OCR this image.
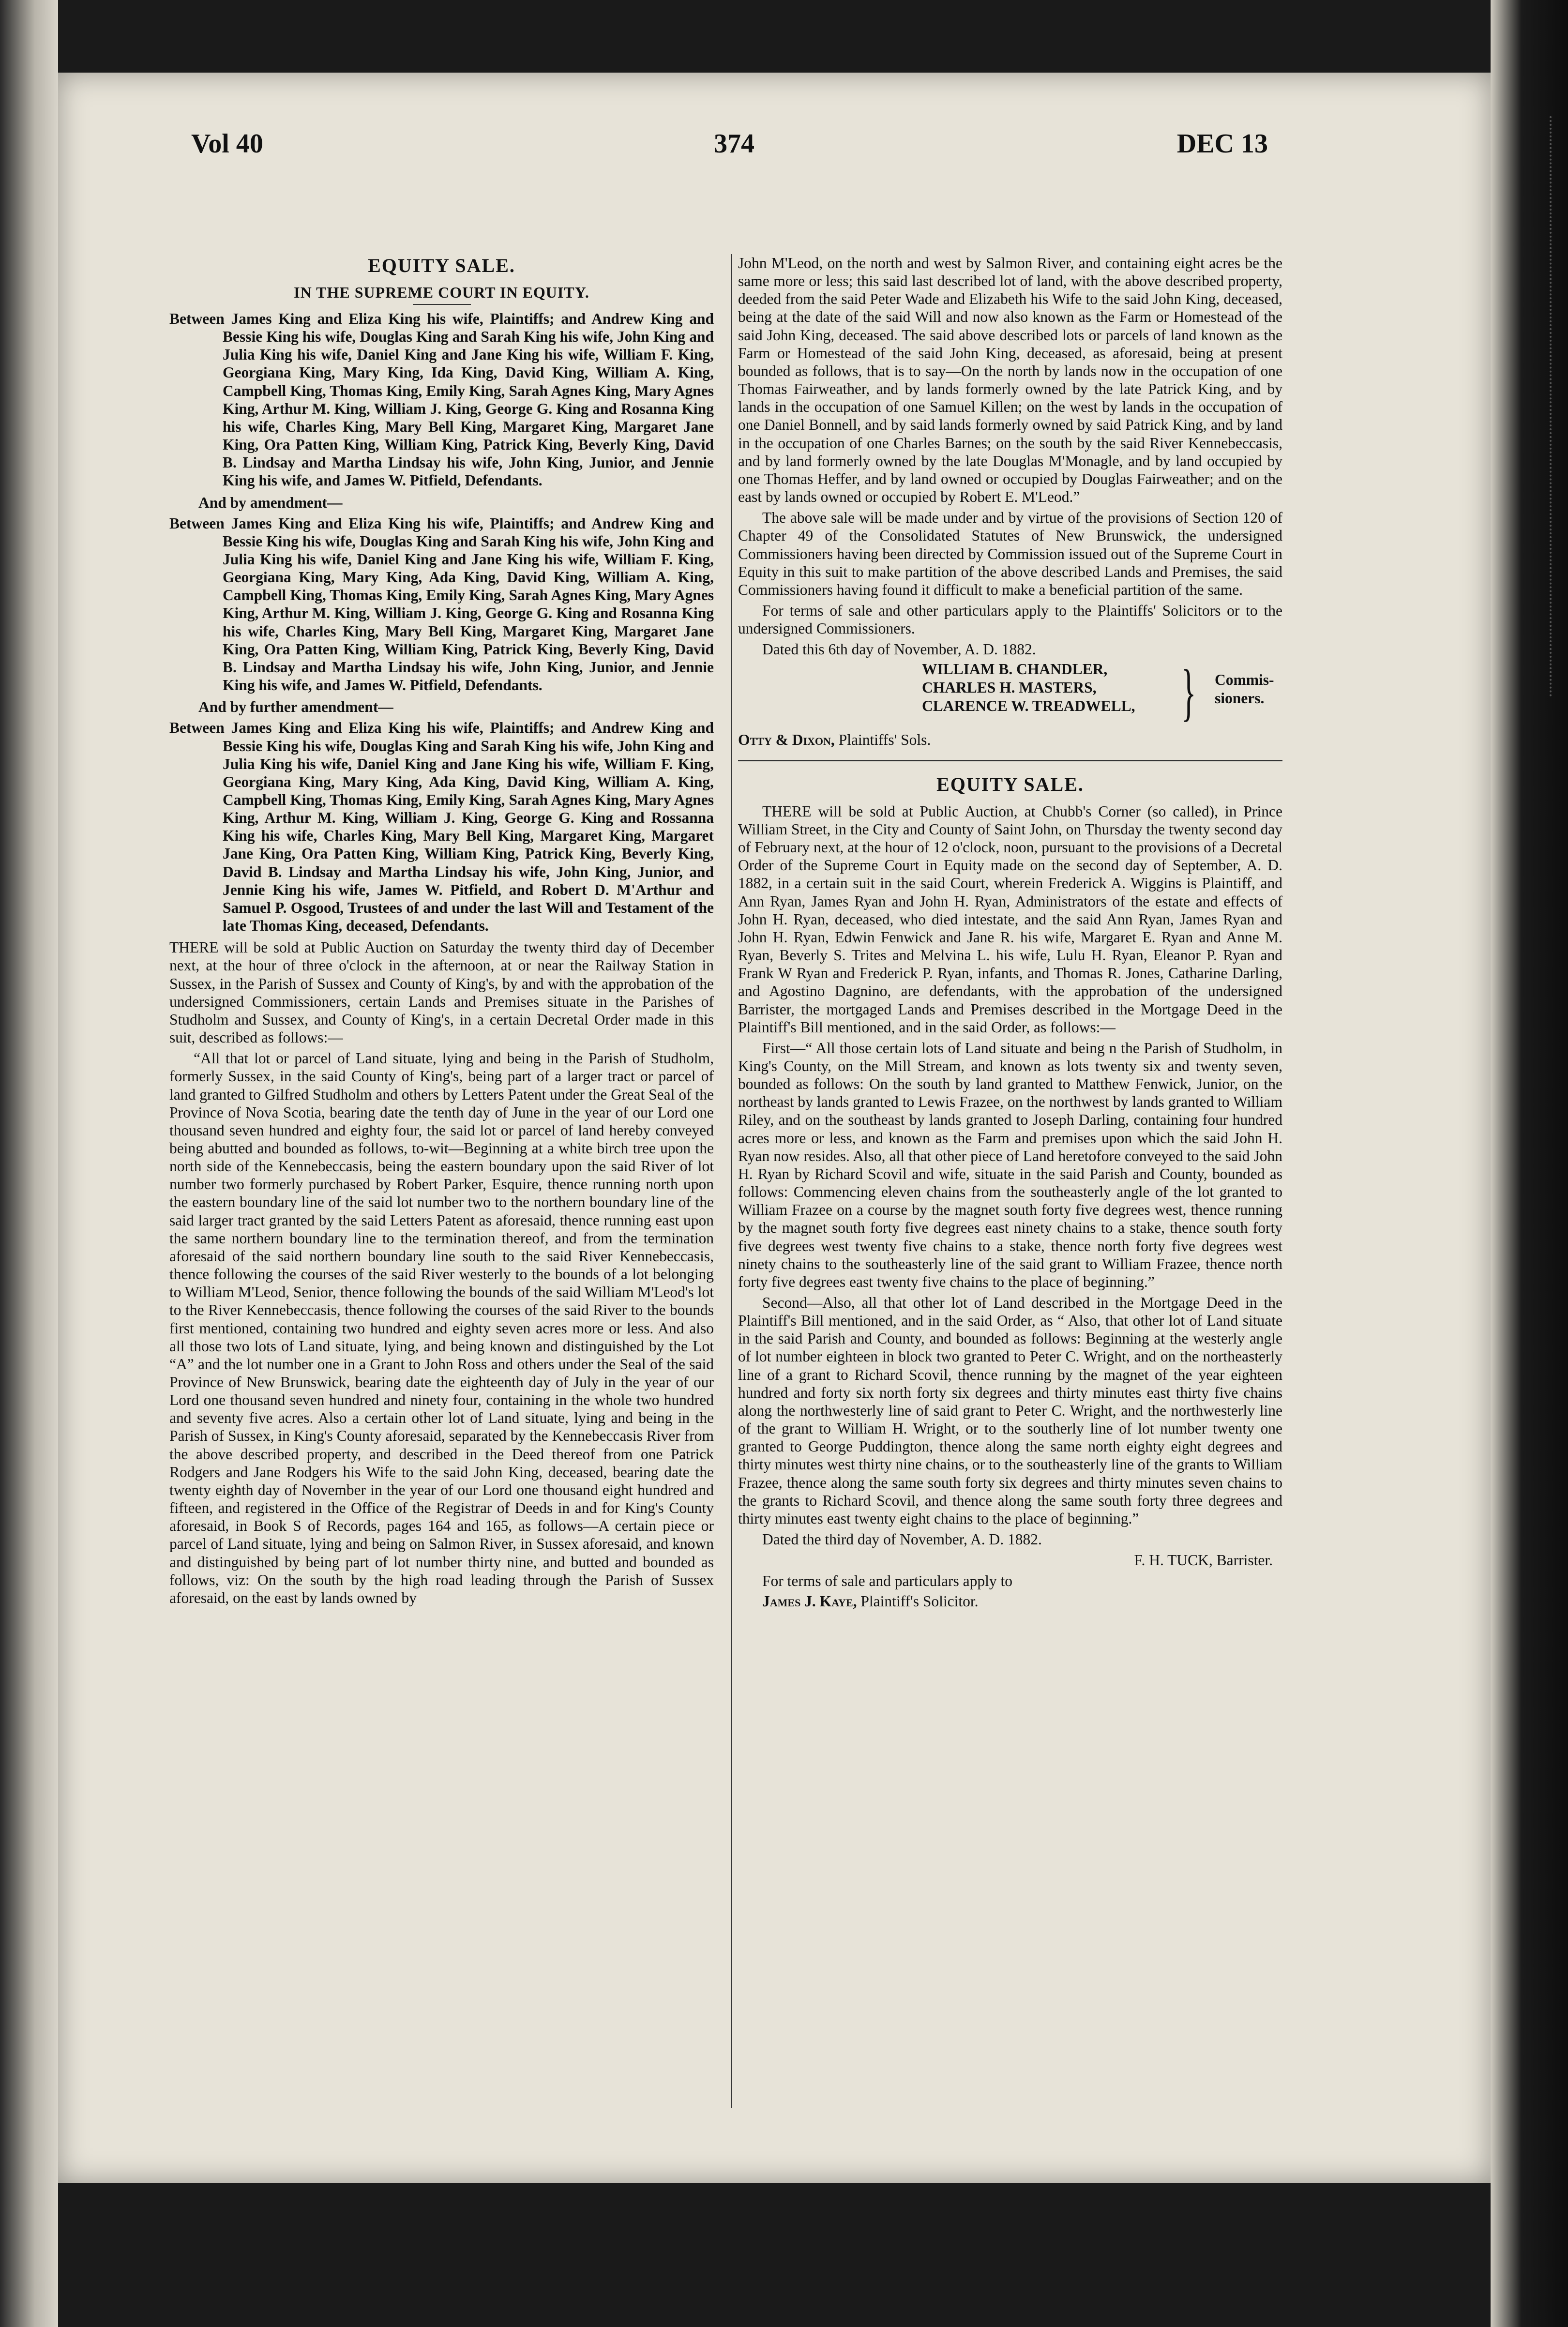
Vol 40	374	DEC 13
EQUITY SALE.
IN THE SUPREME COURT IN EQUITY.

Between James King and Eliza King his wife, Plaintiffs; and Andrew King and Bessie King his wife, Douglas King and Sarah King his wife, John King and Julia King his wife, Daniel King and Jane King his wife, William F. King, Georgiana King, Mary King, Ida King, David King, William A. King, Campbell King, Thomas King, Emily King, Sarah Agnes King, Mary Agnes King, Arthur M. King, William J. King, George G. King and Rosanna King his wife, Charles King, Mary Bell King, Margaret King, Margaret Jane King, Ora Patten King, William King, Patrick King, Beverly King, David B. Lindsay and Martha Lindsay his wife, John King, Junior, and Jennie King his wife, and James W. Pitfield, Defendants.

And by amendment—

Between James King and Eliza King his wife, Plaintiffs; and Andrew King and Bessie King his wife, Douglas King and Sarah King his wife, John King and Julia King his wife, Daniel King and Jane King his wife, William F. King, Georgiana King, Mary King, Ada King, David King, William A. King, Campbell King, Thomas King, Emily King, Sarah Agnes King, Mary Agnes King, Arthur M. King, William J. King, George G. King and Rosanna King his wife, Charles King, Mary Bell King, Margaret King, Margaret Jane King, Ora Patten King, William King, Patrick King, Beverly King, David B. Lindsay and Martha Lindsay his wife, John King, Junior, and Jennie King his wife, and James W. Pitfield, Defendants.

And by further amendment—

Between James King and Eliza King his wife, Plaintiffs; and Andrew King and Bessie King his wife, Douglas King and Sarah King his wife, John King and Julia King his wife, Daniel King and Jane King his wife, William F. King, Georgiana King, Mary King, Ada King, David King, William A. King, Campbell King, Thomas King, Emily King, Sarah Agnes King, Mary Agnes King, Arthur M. King, William J. King, George G. King and Rossanna King his wife, Charles King, Mary Bell King, Margaret King, Margaret Jane King, Ora Patten King, William King, Patrick King, Beverly King, David B. Lindsay and Martha Lindsay his wife, John King, Junior, and Jennie King his wife, James W. Pitfield, and Robert D. M'Arthur and Samuel P. Osgood, Trustees of and under the last Will and Testament of the late Thomas King, deceased, Defendants.

THERE will be sold at Public Auction on Saturday the twenty third day of December next, at the hour of three o'clock in the afternoon, at or near the Railway Station in Sussex, in the Parish of Sussex and County of King's, by and with the approbation of the undersigned Commissioners, certain Lands and Premises situate in the Parishes of Studholm and Sussex, and County of King's, in a certain Decretal Order made in this suit, described as follows:—

“All that lot or parcel of Land situate, lying and being in the Parish of Studholm, formerly Sussex, in the said County of King's, being part of a larger tract or parcel of land granted to Gilfred Studholm and others by Letters Patent under the Great Seal of the Province of Nova Scotia, bearing date the tenth day of June in the year of our Lord one thousand seven hundred and eighty four, the said lot or parcel of land hereby conveyed being abutted and bounded as follows, to-wit—Beginning at a white birch tree upon the north side of the Kennebeccasis, being the eastern boundary upon the said River of lot number two formerly purchased by Robert Parker, Esquire, thence running north upon the eastern boundary line of the said lot number two to the northern boundary line of the said larger tract granted by the said Letters Patent as aforesaid, thence running east upon the same northern boundary line to the termination thereof, and from the termination aforesaid of the said northern boundary line south to the said River Kennebeccasis, thence following the courses of the said River westerly to the bounds of a lot belonging to William M'Leod, Senior, thence following the bounds of the said William M'Leod's lot to the River Kennebeccasis, thence following the courses of the said River to the bounds first mentioned, containing two hundred and eighty seven acres more or less. And also all those two lots of Land situate, lying, and being known and distinguished by the Lot “A” and the lot number one in a Grant to John Ross and others under the Seal of the said Province of New Brunswick, bearing date the eighteenth day of July in the year of our Lord one thousand seven hundred and ninety four, containing in the whole two hundred and seventy five acres. Also a certain other lot of Land situate, lying and being in the Parish of Sussex, in King's County aforesaid, separated by the Kennebeccasis River from the above described property, and described in the Deed thereof from one Patrick Rodgers and Jane Rodgers his Wife to the said John King, deceased, bearing date the twenty eighth day of November in the year of our Lord one thousand eight hundred and fifteen, and registered in the Office of the Registrar of Deeds in and for King's County aforesaid, in Book S of Records, pages 164 and 165, as follows—A certain piece or parcel of Land situate, lying and being on Salmon River, in Sussex aforesaid, and known and distinguished by being part of lot number thirty nine, and butted and bounded as follows, viz: On the south by the high road leading through the Parish of Sussex aforesaid, on the east by lands owned by

John M'Leod, on the north and west by Salmon River, and containing eight acres be the same more or less; this said last described lot of land, with the above described property, deeded from the said Peter Wade and Elizabeth his Wife to the said John King, deceased, being at the date of the said Will and now also known as the Farm or Homestead of the said John King, deceased. The said above described lots or parcels of land known as the Farm or Homestead of the said John King, deceased, as aforesaid, being at present bounded as follows, that is to say—On the north by lands now in the occupation of one Thomas Fairweather, and by lands formerly owned by the late Patrick King, and by lands in the occupation of one Samuel Killen; on the west by lands in the occupation of one Daniel Bonnell, and by said lands formerly owned by said Patrick King, and by land in the occupation of one Charles Barnes; on the south by the said River Kennebeccasis, and by land formerly owned by the late Douglas M'Monagle, and by land occupied by one Thomas Heffer, and by land owned or occupied by Douglas Fairweather; and on the east by lands owned or occupied by Robert E. M'Leod.”

The above sale will be made under and by virtue of the provisions of Section 120 of Chapter 49 of the Consolidated Statutes of New Brunswick, the undersigned Commissioners having been directed by Commission issued out of the Supreme Court in Equity in this suit to make partition of the above described Lands and Premises, the said Commissioners having found it difficult to make a beneficial partition of the same.

For terms of sale and other particulars apply to the Plaintiffs' Solicitors or to the undersigned Commissioners.

Dated this 6th day of November, A. D. 1882.

WILLIAM B. CHANDLER,
CHARLES H. MASTERS,
CLARENCE W. TREADWELL, } Commis-
sioners.

Otty & Dixon, Plaintiffs' Sols.

EQUITY SALE.

THERE will be sold at Public Auction, at Chubb's Corner (so called), in Prince William Street, in the City and County of Saint John, on Thursday the twenty second day of February next, at the hour of 12 o'clock, noon, pursuant to the provisions of a Decretal Order of the Supreme Court in Equity made on the second day of September, A. D. 1882, in a certain suit in the said Court, wherein Frederick A. Wiggins is Plaintiff, and Ann Ryan, James Ryan and John H. Ryan, Administrators of the estate and effects of John H. Ryan, deceased, who died intestate, and the said Ann Ryan, James Ryan and John H. Ryan, Edwin Fenwick and Jane R. his wife, Margaret E. Ryan and Anne M. Ryan, Beverly S. Trites and Melvina L. his wife, Lulu H. Ryan, Eleanor P. Ryan and Frank W Ryan and Frederick P. Ryan, infants, and Thomas R. Jones, Catharine Darling, and Agostino Dagnino, are defendants, with the approbation of the undersigned Barrister, the mortgaged Lands and Premises described in the Mortgage Deed in the Plaintiff's Bill mentioned, and in the said Order, as follows:—

First—“ All those certain lots of Land situate and being n the Parish of Studholm, in King's County, on the Mill Stream, and known as lots twenty six and twenty seven, bounded as follows: On the south by land granted to Matthew Fenwick, Junior, on the northeast by lands granted to Lewis Frazee, on the northwest by lands granted to William Riley, and on the southeast by lands granted to Joseph Darling, containing four hundred acres more or less, and known as the Farm and premises upon which the said John H. Ryan now resides. Also, all that other piece of Land heretofore conveyed to the said John H. Ryan by Richard Scovil and wife, situate in the said Parish and County, bounded as follows: Commencing eleven chains from the southeasterly angle of the lot granted to William Frazee on a course by the magnet south forty five degrees west, thence running by the magnet south forty five degrees east ninety chains to a stake, thence south forty five degrees west twenty five chains to a stake, thence north forty five degrees west ninety chains to the southeasterly line of the said grant to William Frazee, thence north forty five degrees east twenty five chains to the place of beginning.”

Second—Also, all that other lot of Land described in the Mortgage Deed in the Plaintiff's Bill mentioned, and in the said Order, as “ Also, that other lot of Land situate in the said Parish and County, and bounded as follows: Beginning at the westerly angle of lot number eighteen in block two granted to Peter C. Wright, and on the northeasterly line of a grant to Richard Scovil, thence running by the magnet of the year eighteen hundred and forty six north forty six degrees and thirty minutes east thirty five chains along the northwesterly line of said grant to Peter C. Wright, and the northwesterly line of the grant to William H. Wright, or to the southerly line of lot number twenty one granted to George Puddington, thence along the same north eighty eight degrees and thirty minutes west thirty nine chains, or to the southeasterly line of the grants to William Frazee, thence along the same south forty six degrees and thirty minutes seven chains to the grants to Richard Scovil, and thence along the same south forty three degrees and thirty minutes east twenty eight chains to the place of beginning.”

Dated the third day of November, A. D. 1882.

F. H. TUCK, Barrister.

For terms of sale and particulars apply to

James J. Kaye, Plaintiff's Solicitor.
